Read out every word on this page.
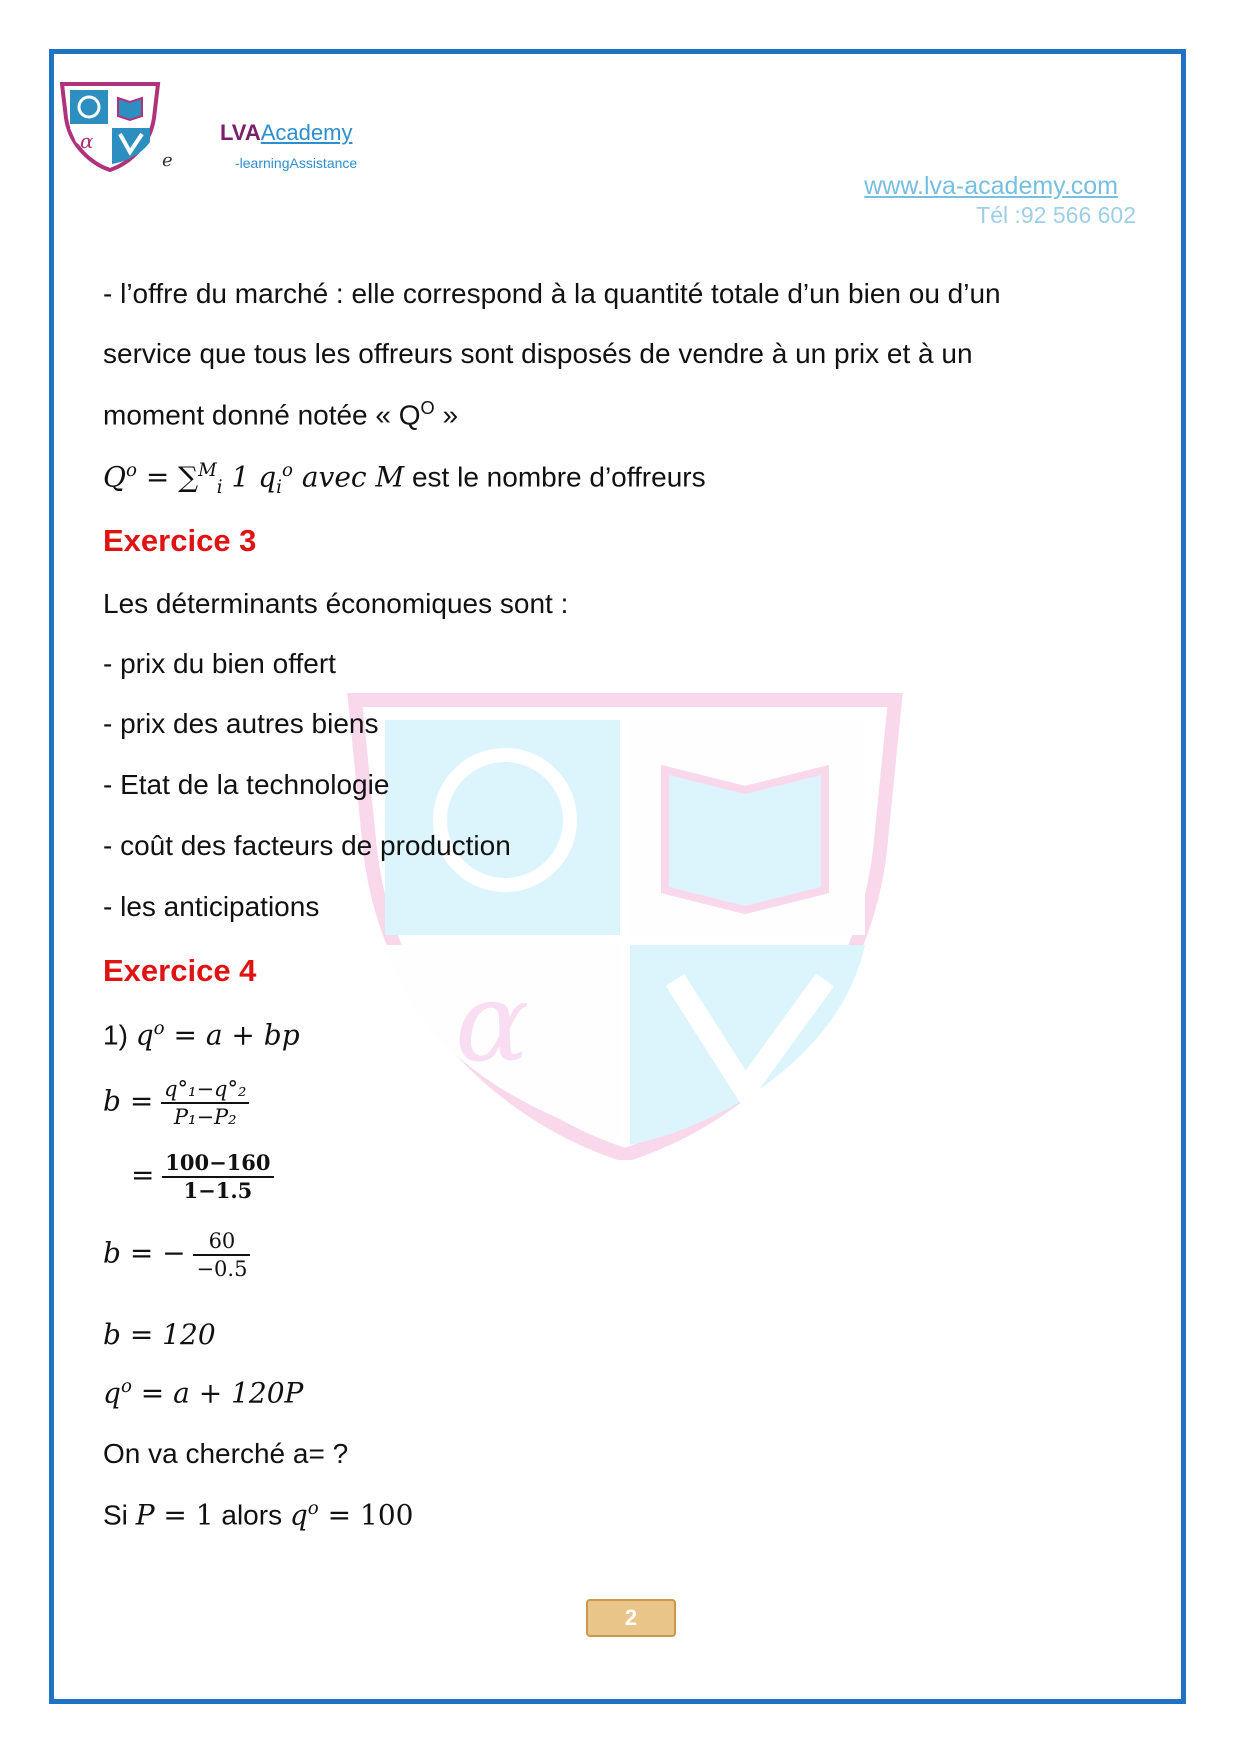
α
e
LVAAcademy
-learningAssistance
www.lva-academy.com
Tél :92 566 602
α
- l’offre du marché : elle correspond à la quantité totale d’un bien ou d’un
service que tous les offreurs sont disposés de vendre à un prix et à un
moment donné notée « $Q^O$ »
$Q^o = \sum^M_i$ 1 $q_i^o$ avec M est le nombre d’offreurs
Exercice 3
Les déterminants économiques sont :
- prix du bien offert
- prix des autres biens
- Etat de la technologie
- coût des facteurs de production
- les anticipations
Exercice 4
1) $q^o = a$ + bp
$b = \frac{\text{q°₁−q°₂}}{\text{P₁−P₂}}$
= $\frac{100-160}{1-1.5}$
b = − $\frac{60}{-0.5}$
b = 120
$q^o = a + 120P$
On va cherché a= ?
Si P = 1 alors $q^o = 100$
2
